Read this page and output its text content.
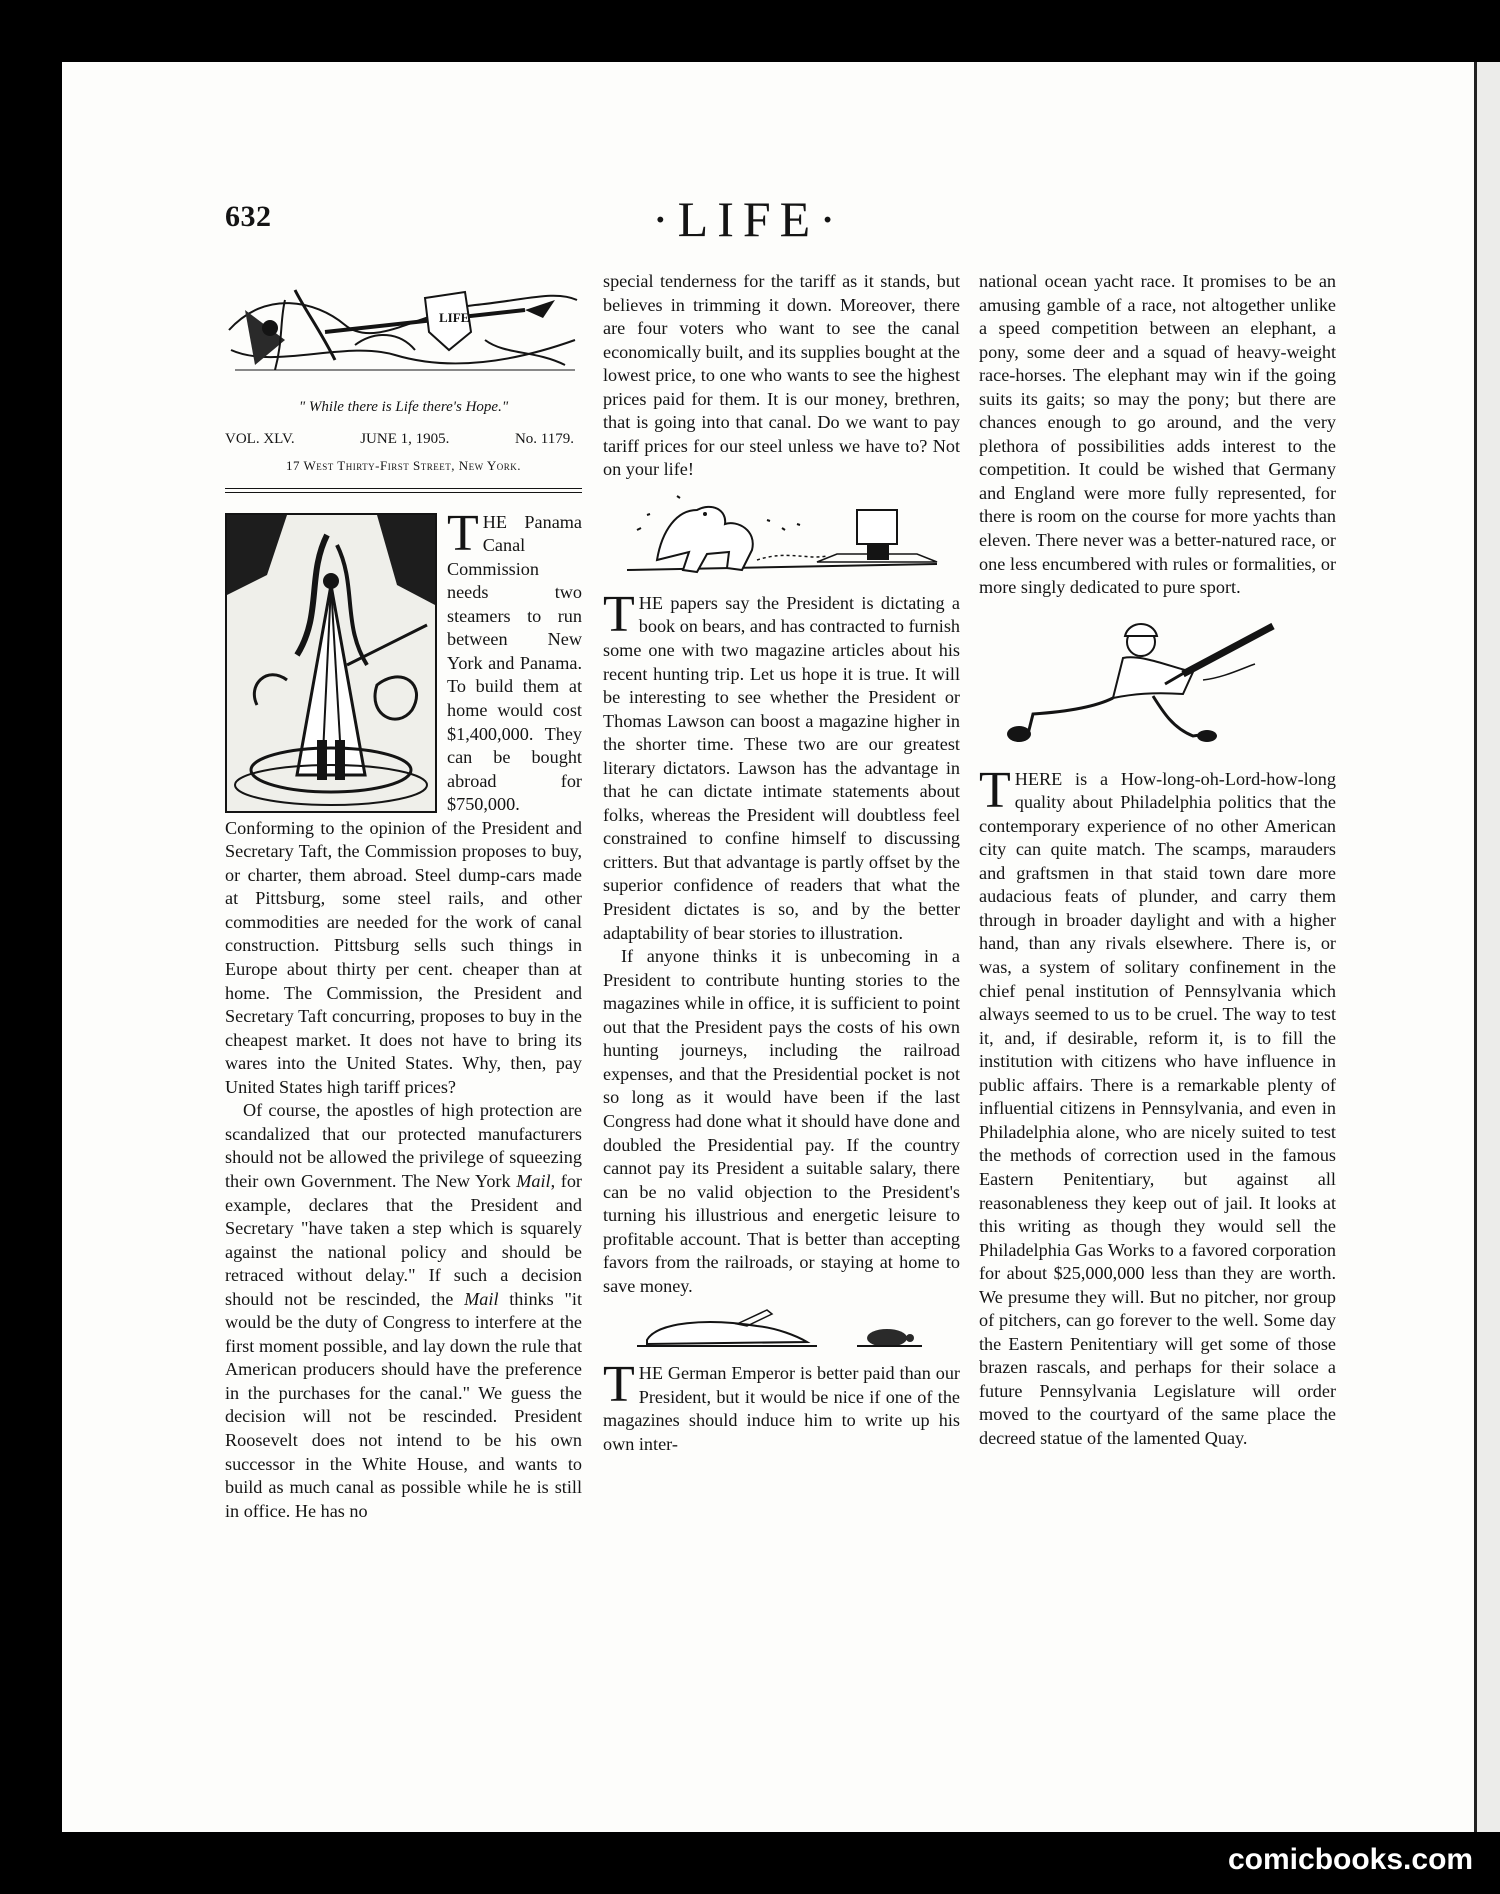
632	·LIFE·
LIFE
" While there is Life there's Hope."
VOL. XLV.	JUNE 1, 1905.	No. 1179.
17 West Thirty-First Street, New York.

THE Panama Canal Commission needs two steamers to run between New York and Panama. To build them at home would cost $1,400,000. They can be bought abroad for $750,000. Conforming to the opinion of the President and Secretary Taft, the Commission proposes to buy, or charter, them abroad. Steel dump-cars made at Pittsburg, some steel rails, and other commodities are needed for the work of canal construction. Pittsburg sells such things in Europe about thirty per cent. cheaper than at home. The Commission, the President and Secretary Taft concurring, proposes to buy in the cheapest market. It does not have to bring its wares into the United States. Why, then, pay United States high tariff prices?

Of course, the apostles of high protection are scandalized that our protected manufacturers should not be allowed the privilege of squeezing their own Government. The New York Mail, for example, declares that the President and Secretary "have taken a step which is squarely against the national policy and should be retraced without delay." If such a decision should not be rescinded, the Mail thinks "it would be the duty of Congress to interfere at the first moment possible, and lay down the rule that American producers should have the preference in the purchases for the canal." We guess the decision will not be rescinded. President Roosevelt does not intend to be his own successor in the White House, and wants to build as much canal as possible while he is still in office. He has no

special tenderness for the tariff as it stands, but believes in trimming it down. Moreover, there are four voters who want to see the canal economically built, and its supplies bought at the lowest price, to one who wants to see the highest prices paid for them. It is our money, brethren, that is going into that canal. Do we want to pay tariff prices for our steel unless we have to? Not on your life!

THE papers say the President is dictating a book on bears, and has contracted to furnish some one with two magazine articles about his recent hunting trip. Let us hope it is true. It will be interesting to see whether the President or Thomas Lawson can boost a magazine higher in the shorter time. These two are our greatest literary dictators. Lawson has the advantage in that he can dictate intimate statements about folks, whereas the President will doubtless feel constrained to confine himself to discussing critters. But that advantage is partly offset by the superior confidence of readers that what the President dictates is so, and by the better adaptability of bear stories to illustration.

If anyone thinks it is unbecoming in a President to contribute hunting stories to the magazines while in office, it is sufficient to point out that the President pays the costs of his own hunting journeys, including the railroad expenses, and that the Presidential pocket is not so long as it would have been if the last Congress had done what it should have done and doubled the Presidential pay. If the country cannot pay its President a suitable salary, there can be no valid objection to the President's turning his illustrious and energetic leisure to profitable account. That is better than accepting favors from the railroads, or staying at home to save money.

THE German Emperor is better paid than our President, but it would be nice if one of the magazines should induce him to write up his own inter-

national ocean yacht race. It promises to be an amusing gamble of a race, not altogether unlike a speed competition between an elephant, a pony, some deer and a squad of heavy-weight race-horses. The elephant may win if the going suits its gaits; so may the pony; but there are chances enough to go around, and the very plethora of possibilities adds interest to the competition. It could be wished that Germany and England were more fully represented, for there is room on the course for more yachts than eleven. There never was a better-natured race, or one less encumbered with rules or formalities, or more singly dedicated to pure sport.

THERE is a How-long-oh-Lord-how-long quality about Philadelphia politics that the contemporary experience of no other American city can quite match. The scamps, marauders and graftsmen in that staid town dare more audacious feats of plunder, and carry them through in broader daylight and with a higher hand, than any rivals elsewhere. There is, or was, a system of solitary confinement in the chief penal institution of Pennsylvania which always seemed to us to be cruel. The way to test it, and, if desirable, reform it, is to fill the institution with citizens who have influence in public affairs. There is a remarkable plenty of influential citizens in Pennsylvania, and even in Philadelphia alone, who are nicely suited to test the methods of correction used in the famous Eastern Penitentiary, but against all reasonableness they keep out of jail. It looks at this writing as though they would sell the Philadelphia Gas Works to a favored corporation for about $25,000,000 less than they are worth. We presume they will. But no pitcher, nor group of pitchers, can go forever to the well. Some day the Eastern Penitentiary will get some of those brazen rascals, and perhaps for their solace a future Pennsylvania Legislature will order moved to the courtyard of the same place the decreed statue of the lamented Quay.

comicbooks.com
